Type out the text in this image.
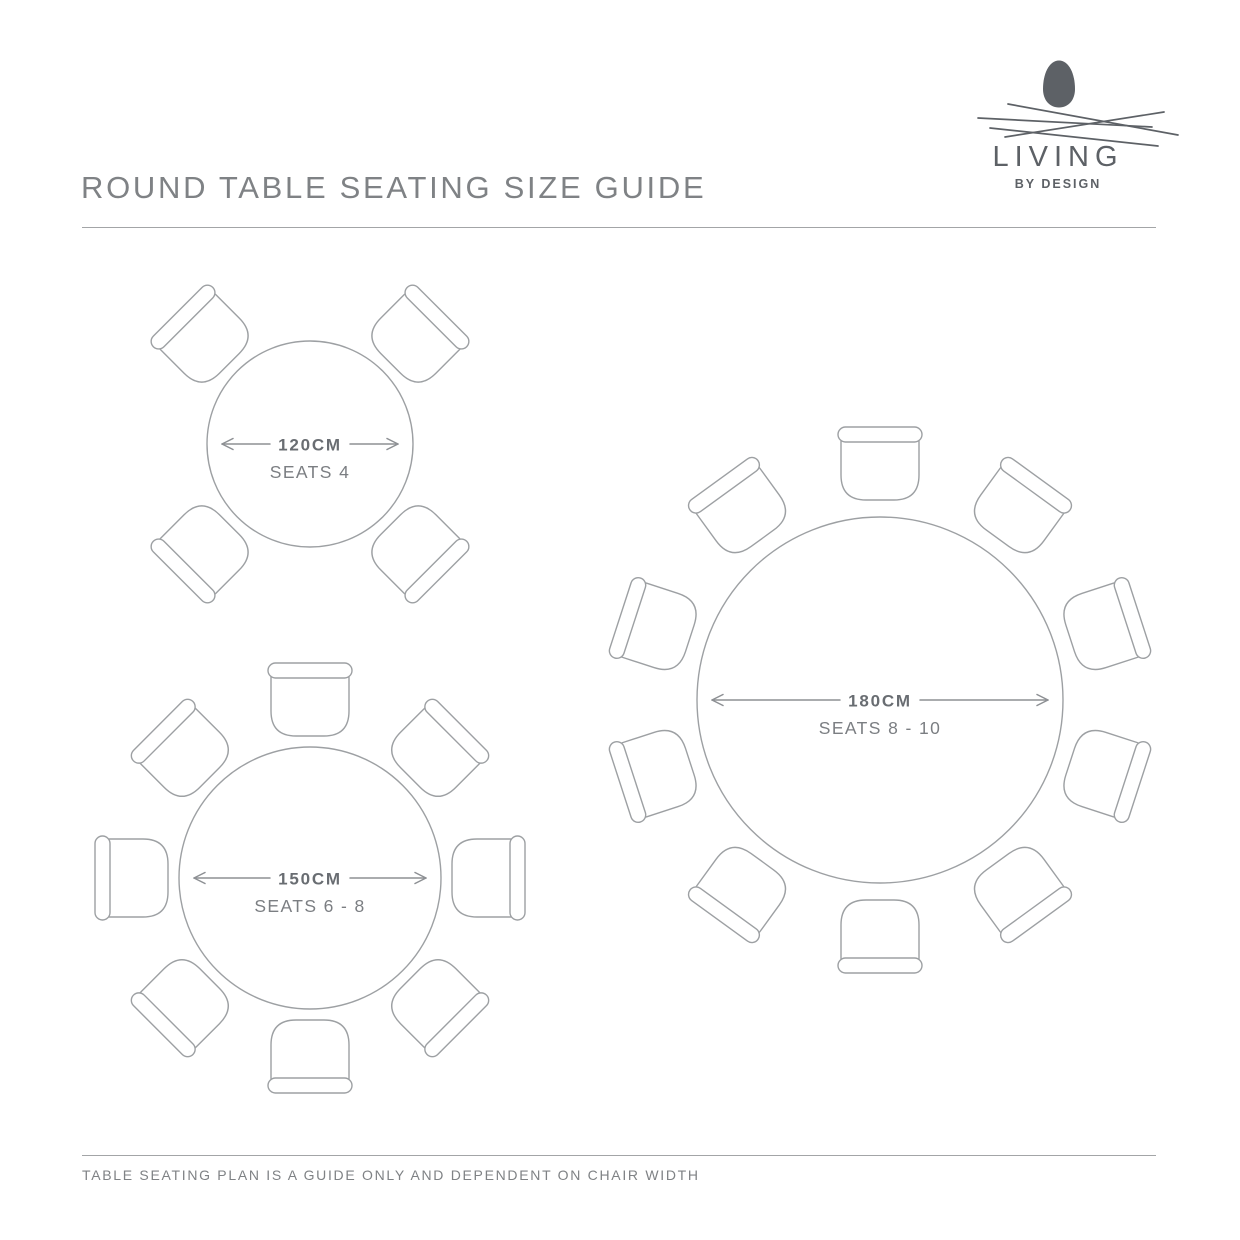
LIVING
BY DESIGN
ROUND TABLE SEATING SIZE GUIDE
120CM
SEATS 4
150CM
SEATS 6 - 8
180CM
SEATS 8 - 10
TABLE SEATING PLAN IS A GUIDE ONLY AND DEPENDENT ON CHAIR WIDTH
